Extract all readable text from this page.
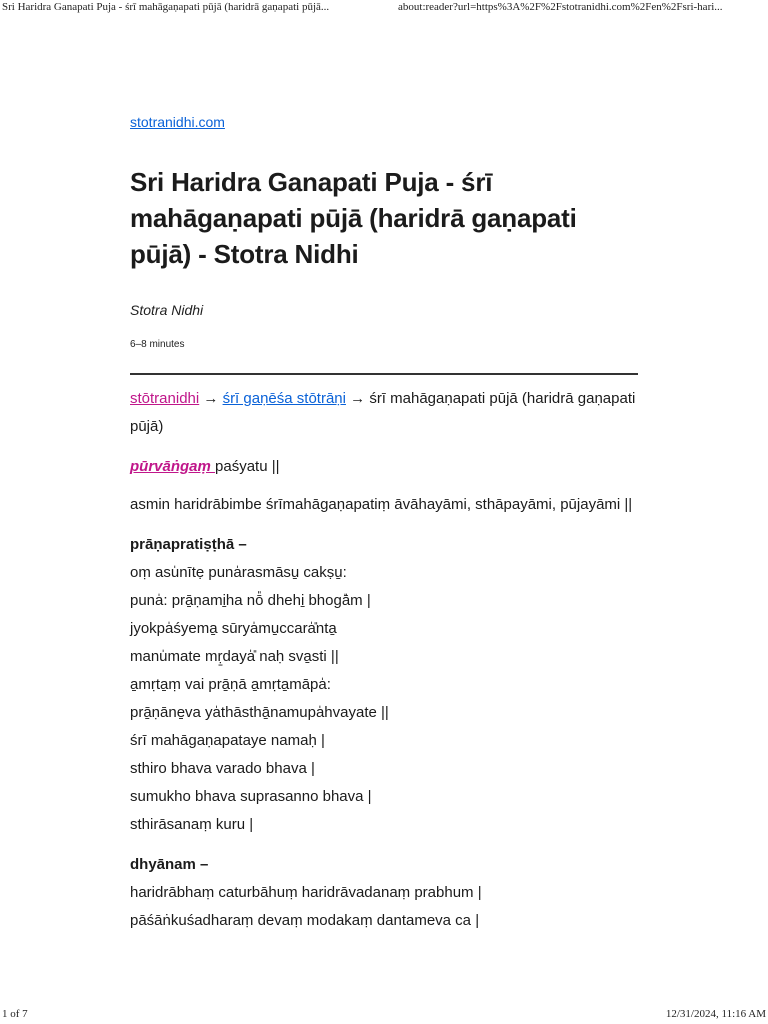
Sri Haridra Ganapati Puja - śrī mahāgaṇapati pūjā (haridrā gaṇapati pūjā...	about:reader?url=https%3A%2F%2Fstotranidhi.com%2Fen%2Fsri-hari...
stotranidhi.com
Sri Haridra Ganapati Puja - śrī mahāgaṇapati pūjā (haridrā gaṇapati pūjā) - Stotra Nidhi
Stotra Nidhi
6–8 minutes

stōtranidhi → śrī gaṇēśa stōtrāṇi → śrī mahāgaṇapati pūjā (haridrā gaṇapati pūjā)

pūrvāṅgaṃ paśyatu ||

asmin haridrābimbe śrīmahāgaṇapatiṃ āvāhayāmi, sthāpayāmi, pūjayāmi ||

prāṇapratiṣṭhā –

oṃ asu̍nītẹ puna̍rasmāsu̱ cakṣu̱:
puna̍: prā̱ṇami̱ha nō̎ dhehi̱ bhogā̎m |
jyokpa̍śyema̱ sūrya̍mu̱ccara̍̎nta̱
manu̍mate mṛ̱daya̍̎ naḥ sva̱sti ||
a̱mṛta̱ṃ vai prā̱ṇā a̱mṛta̱māpa̍:
prā̱ṇāne̱va ya̍thāsthā̱namupa̍hvayate ||
śrī mahāgaṇapataye namaḥ |
sthiro bhava varado bhava |
sumukho bhava suprasanno bhava |
sthirāsanaṃ kuru |

dhyānam –

haridrābhaṃ caturbāhuṃ haridrāvadanaṃ prabhum |
pāśāṅkuśadharaṃ devaṃ modakaṃ dantameva ca |

1 of 7	12/31/2024, 11:16 AM
